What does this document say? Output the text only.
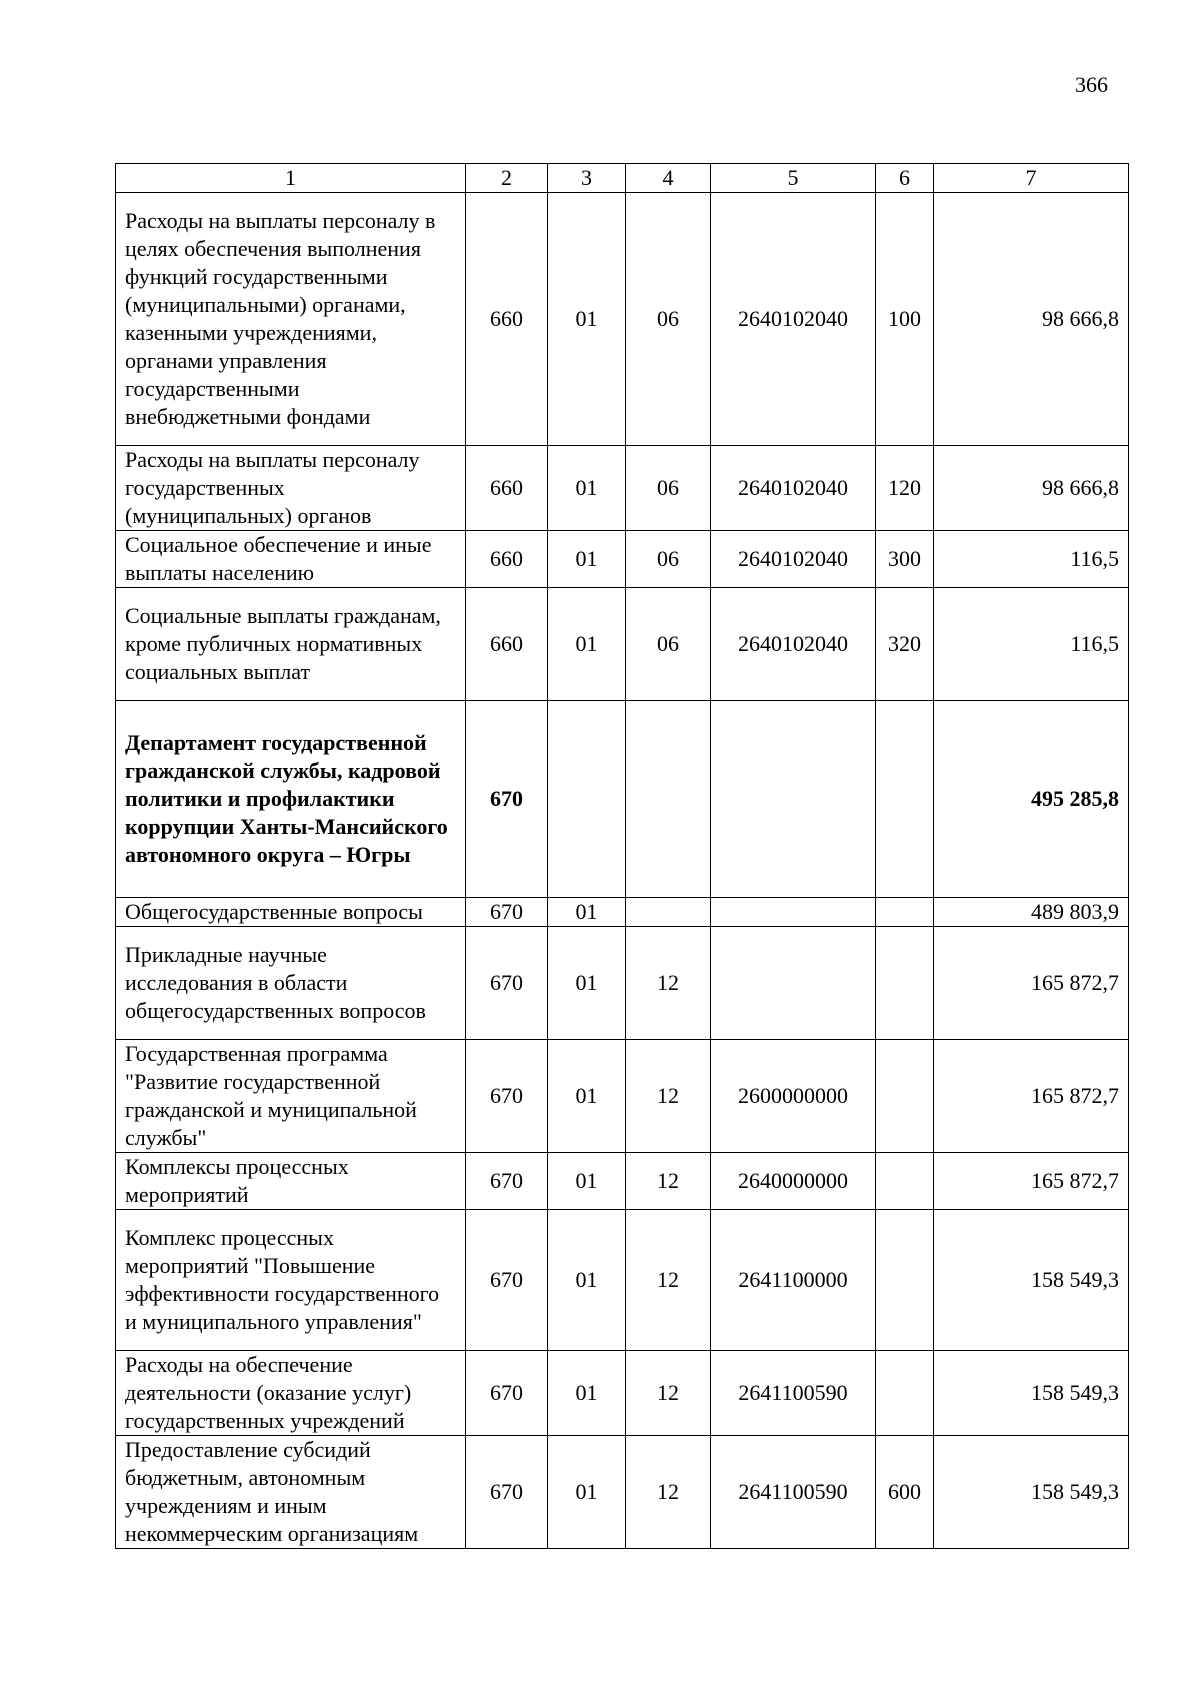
366
1	2	3	4	5	6	7
Расходы на выплаты персоналу в целях обеспечения выполнения функций государственными (муниципальными) органами, казенными учреждениями, органами управления государственными внебюджетными фондами	660	01	06	2640102040	100	98 666,8
Расходы на выплаты персоналу государственных (муниципальных) органов	660	01	06	2640102040	120	98 666,8
Социальное обеспечение и иные выплаты населению	660	01	06	2640102040	300	116,5
Социальные выплаты гражданам, кроме публичных нормативных социальных выплат	660	01	06	2640102040	320	116,5
Департамент государственной гражданской службы, кадровой политики и профилактики коррупции Ханты-Мансийского автономного округа – Югры	670					495 285,8
Общегосударственные вопросы	670	01				489 803,9
Прикладные научные исследования в области общегосударственных вопросов	670	01	12			165 872,7
Государственная программа "Развитие государственной гражданской и муниципальной службы"	670	01	12	2600000000		165 872,7
Комплексы процессных мероприятий	670	01	12	2640000000		165 872,7
Комплекс процессных мероприятий "Повышение эффективности государственного и муниципального управления"	670	01	12	2641100000		158 549,3
Расходы на обеспечение деятельности (оказание услуг) государственных учреждений	670	01	12	2641100590		158 549,3
Предоставление субсидий бюджетным, автономным учреждениям и иным некоммерческим организациям	670	01	12	2641100590	600	158 549,3
